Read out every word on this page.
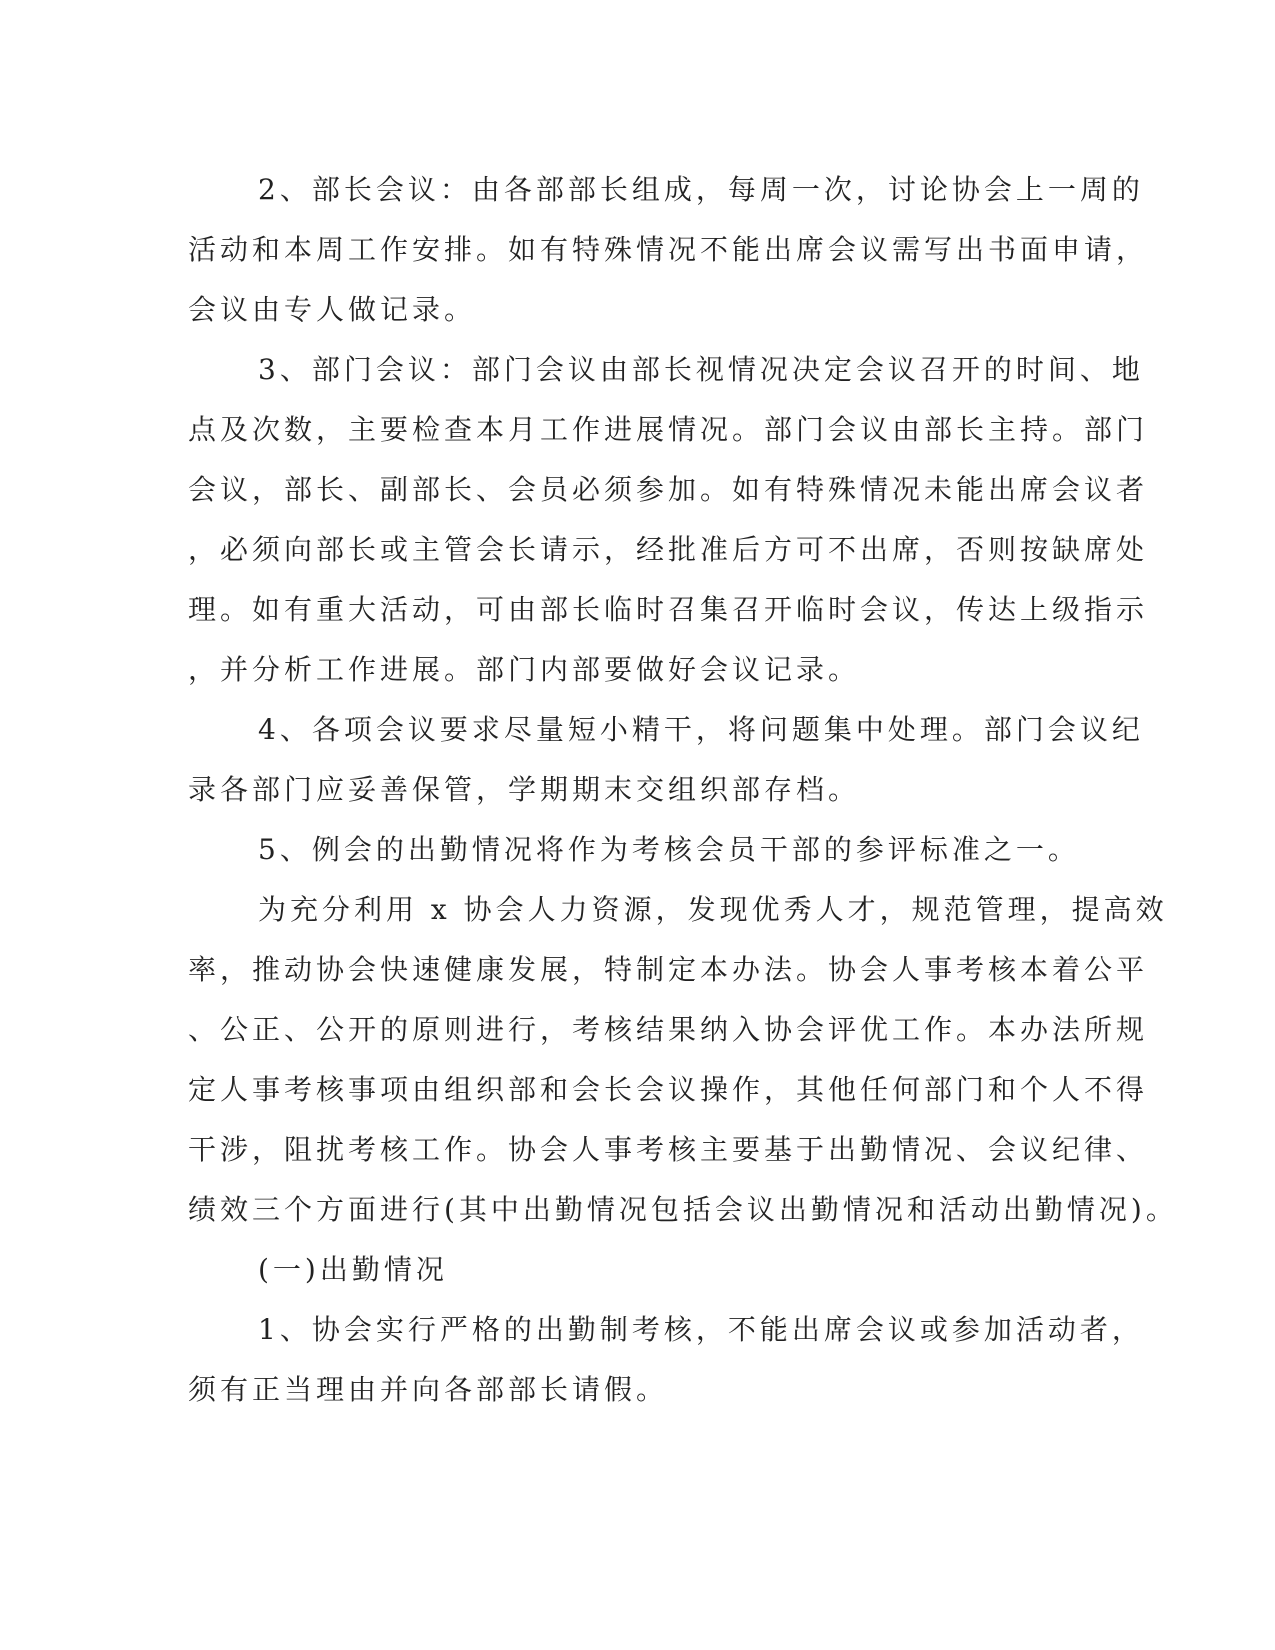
2、部长会议：由各部部长组成，每周一次，讨论协会上一周的
活动和本周工作安排。如有特殊情况不能出席会议需写出书面申请，
会议由专人做记录。
3、部门会议：部门会议由部长视情况决定会议召开的时间、地
点及次数，主要检查本月工作进展情况。部门会议由部长主持。部门
会议，部长、副部长、会员必须参加。如有特殊情况未能出席会议者
，必须向部长或主管会长请示，经批准后方可不出席，否则按缺席处
理。如有重大活动，可由部长临时召集召开临时会议，传达上级指示
，并分析工作进展。部门内部要做好会议记录。
4、各项会议要求尽量短小精干，将问题集中处理。部门会议纪
录各部门应妥善保管，学期期末交组织部存档。
5、例会的出勤情况将作为考核会员干部的参评标准之一。
为充分利用 x 协会人力资源，发现优秀人才，规范管理，提高效
率，推动协会快速健康发展，特制定本办法。协会人事考核本着公平
、公正、公开的原则进行，考核结果纳入协会评优工作。本办法所规
定人事考核事项由组织部和会长会议操作，其他任何部门和个人不得
干涉，阻扰考核工作。协会人事考核主要基于出勤情况、会议纪律、
绩效三个方面进行(其中出勤情况包括会议出勤情况和活动出勤情况)。
(一)出勤情况
1、协会实行严格的出勤制考核，不能出席会议或参加活动者，
须有正当理由并向各部部长请假。
